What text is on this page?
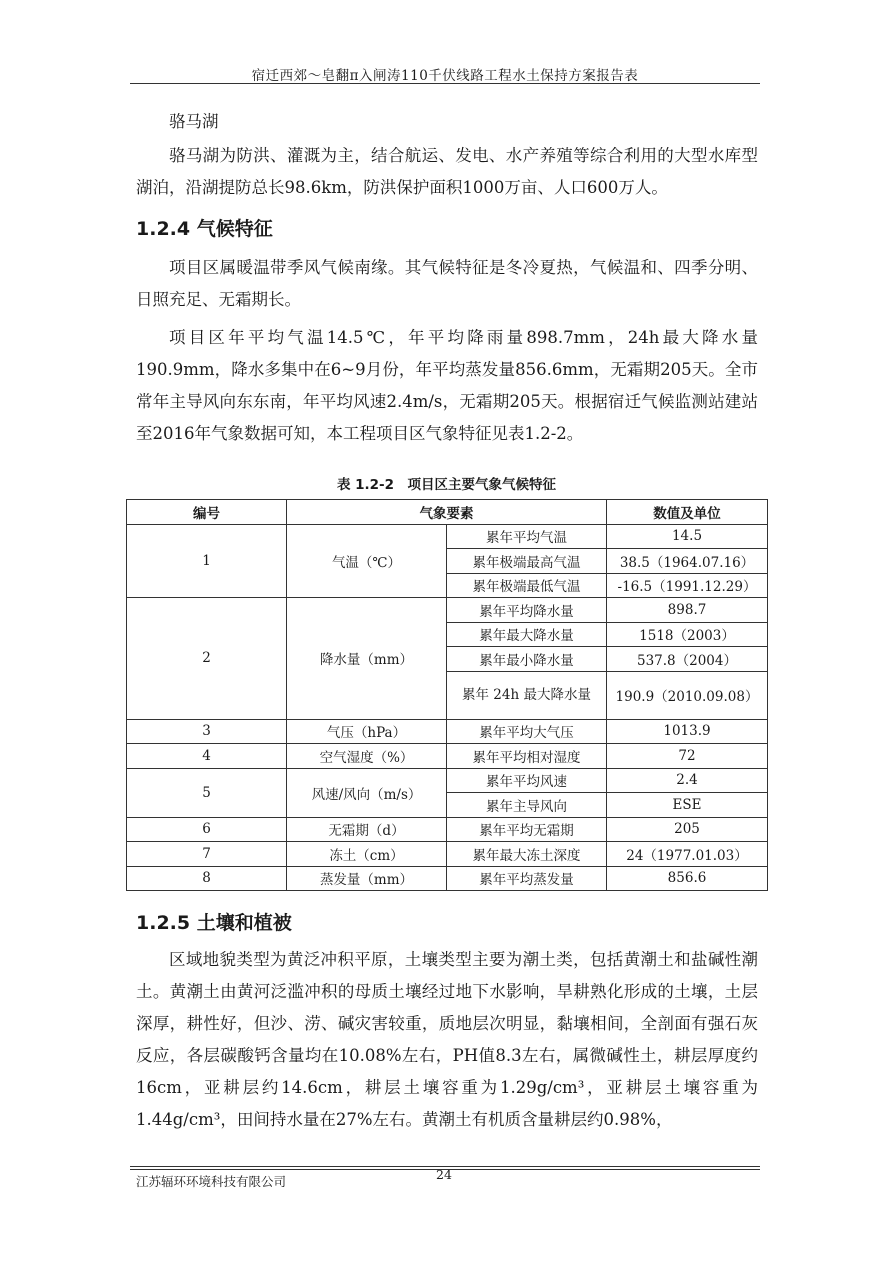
宿迁西郊～皂翻π入闸涛110千伏线路工程水土保持方案报告表
骆马湖
骆马湖为防洪、灌溉为主，结合航运、发电、水产养殖等综合利用的大型水库型湖泊，沿湖提防总长98.6km，防洪保护面积1000万亩、人口600万人。
1.2.4 气候特征
项目区属暖温带季风气候南缘。其气候特征是冬冷夏热，气候温和、四季分明、日照充足、无霜期长。
项目区年平均气温14.5℃，年平均降雨量898.7mm，24h最大降水量190.9mm，降水多集中在6~9月份，年平均蒸发量856.6mm，无霜期205天。全市常年主导风向东东南，年平均风速2.4m/s，无霜期205天。根据宿迁气候监测站建站至2016年气象数据可知，本工程项目区气象特征见表1.2-2。
表 1.2-2　项目区主要气象气候特征
编号	气象要素		数值及单位
1	气温（℃）	累年平均气温	14.5
		累年极端最高气温	38.5（1964.07.16）
		累年极端最低气温	-16.5（1991.12.29）
2	降水量（mm）	累年平均降水量	898.7
		累年最大降水量	1518（2003）
		累年最小降水量	537.8（2004）
		累年 24h 最大降水量	190.9（2010.09.08）
3	气压（hPa）	累年平均大气压	1013.9
4	空气湿度（%）	累年平均相对湿度	72
5	风速/风向（m/s）	累年平均风速	2.4
		累年主导风向	ESE
6	无霜期（d）	累年平均无霜期	205
7	冻土（cm）	累年最大冻土深度	24（1977.01.03）
8	蒸发量（mm）	累年平均蒸发量	856.6
1.2.5 土壤和植被
区域地貌类型为黄泛冲积平原，土壤类型主要为潮土类，包括黄潮土和盐碱性潮土。黄潮土由黄河泛滥冲积的母质土壤经过地下水影响，旱耕熟化形成的土壤，土层深厚，耕性好，但沙、涝、碱灾害较重，质地层次明显，黏壤相间，全剖面有强石灰反应，各层碳酸钙含量均在10.08%左右，PH值8.3左右，属微碱性土，耕层厚度约16cm，亚耕层约14.6cm，耕层土壤容重为1.29g/cm³，亚耕层土壤容重为1.44g/cm³，田间持水量在27%左右。黄潮土有机质含量耕层约0.98%，
24
江苏辐环环境科技有限公司
